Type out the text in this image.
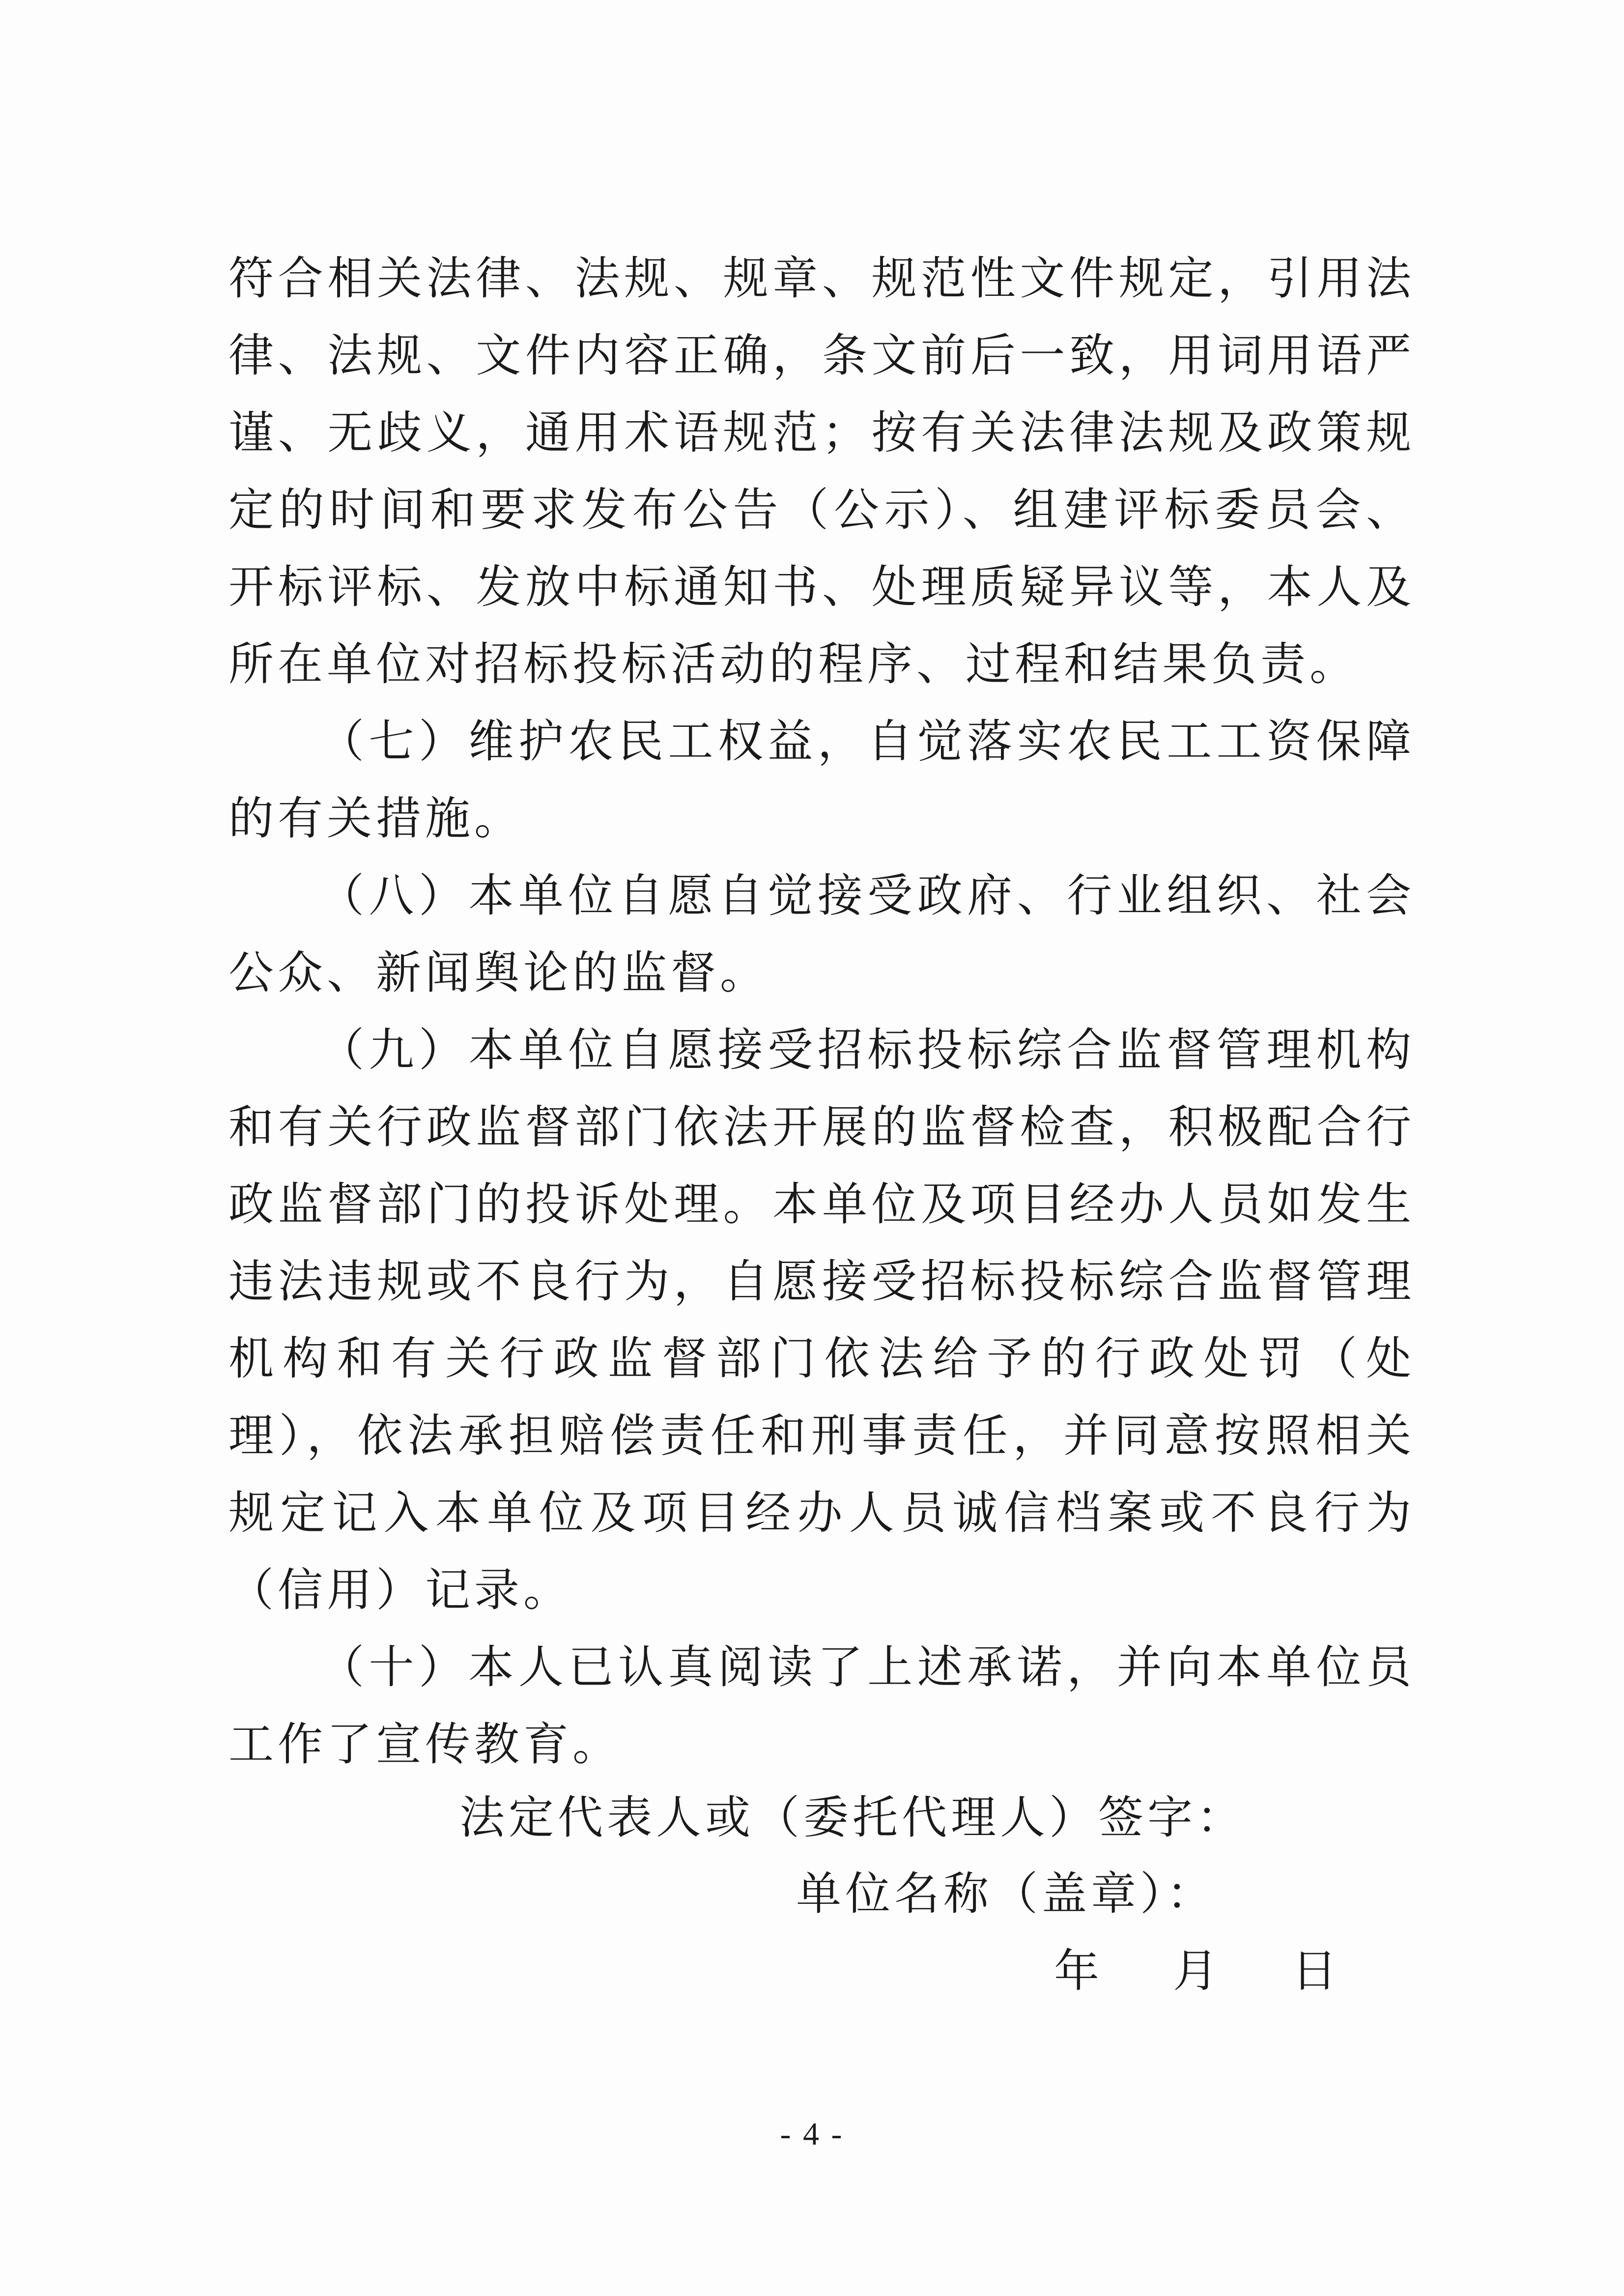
符合相关法律、法规、规章、规范性文件规定，引用法律、法规、文件内容正确，条文前后一致，用词用语严谨、无歧义，通用术语规范；按有关法律法规及政策规定的时间和要求发布公告（公示）、组建评标委员会、开标评标、发放中标通知书、处理质疑异议等，本人及所在单位对招标投标活动的程序、过程和结果负责。

（七）维护农民工权益，自觉落实农民工工资保障的有关措施。

（八）本单位自愿自觉接受政府、行业组织、社会公众、新闻舆论的监督。

（九）本单位自愿接受招标投标综合监督管理机构和有关行政监督部门依法开展的监督检查，积极配合行政监督部门的投诉处理。本单位及项目经办人员如发生违法违规或不良行为，自愿接受招标投标综合监督管理机构和有关行政监督部门依法给予的行政处罚（处理），依法承担赔偿责任和刑事责任，并同意按照相关规定记入本单位及项目经办人员诚信档案或不良行为（信用）记录。

（十）本人已认真阅读了上述承诺，并向本单位员工作了宣传教育。

法定代表人或（委托代理人）签字：
单位名称（盖章）：
年 月 日
- 4 -
